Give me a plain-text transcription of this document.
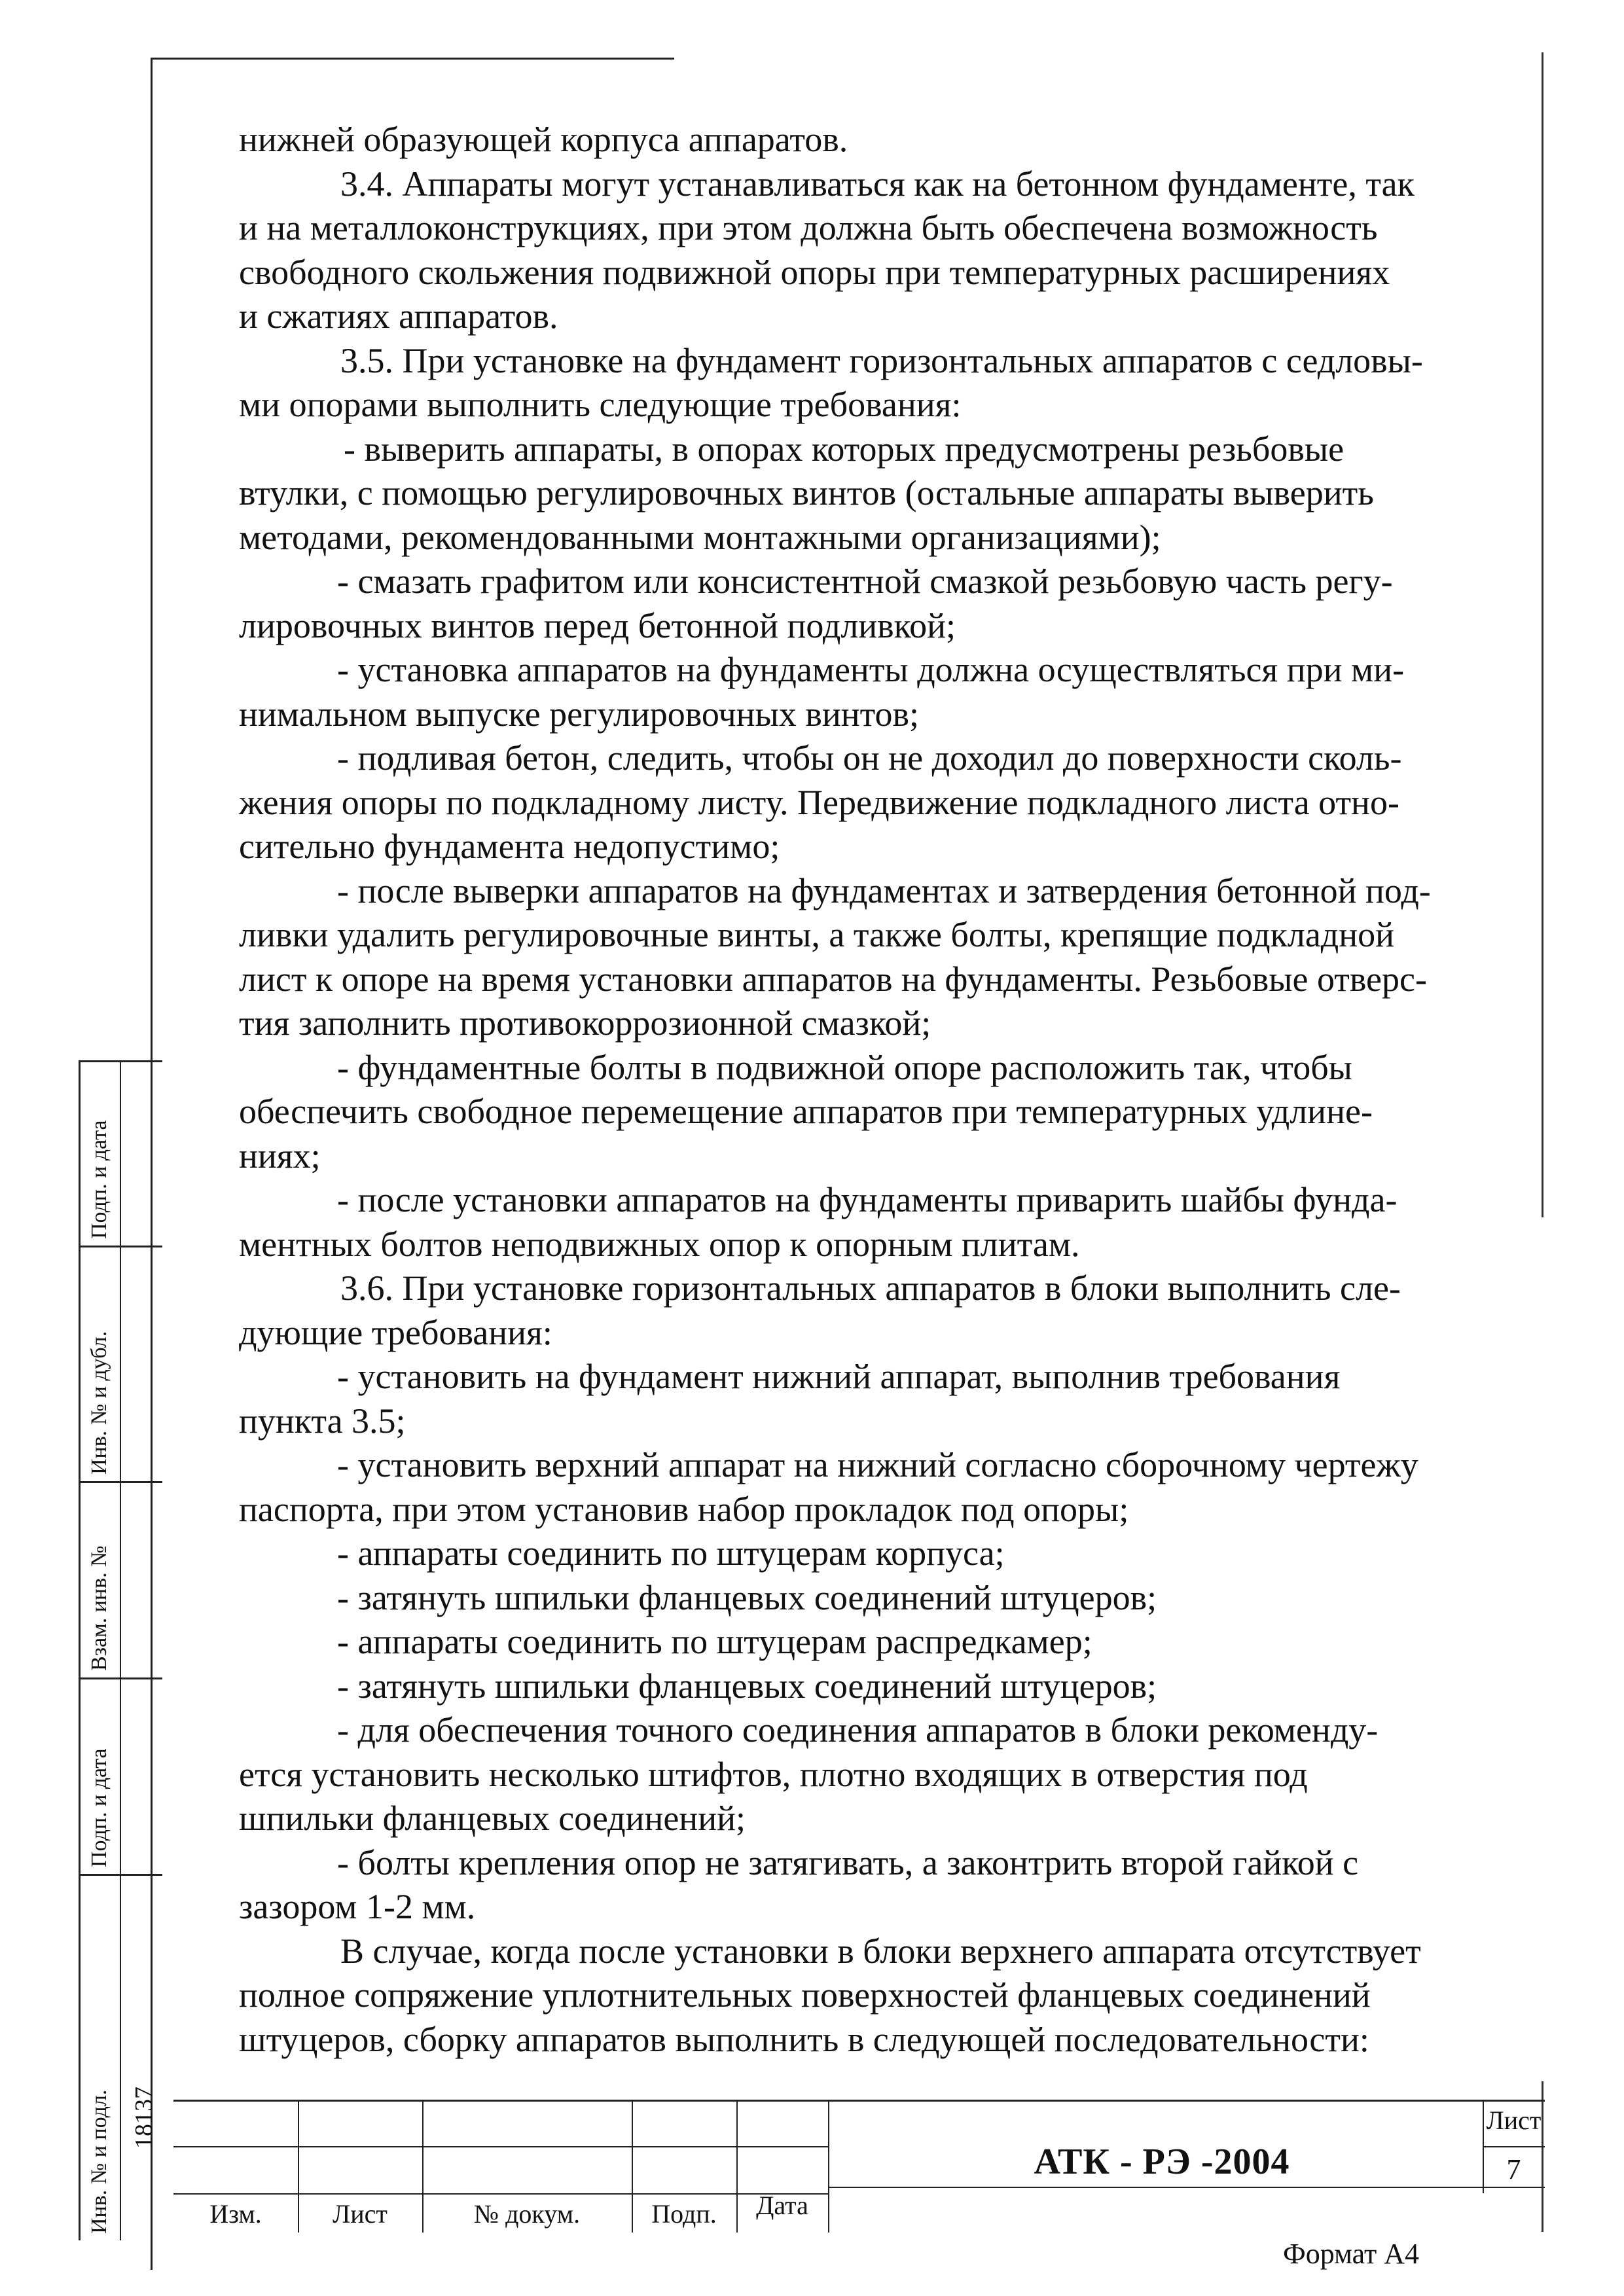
нижней образующей корпуса аппаратов.
3.4. Аппараты могут устанавливаться как на бетонном фундаменте, так
и на металлоконструкциях, при этом должна быть обеспечена возможность
свободного скольжения подвижной опоры при температурных расширениях
и сжатиях аппаратов.
3.5. При установке на фундамент горизонтальных аппаратов с седловы-
ми опорами выполнить следующие требования:
- выверить аппараты, в опорах которых предусмотрены резьбовые
втулки, с помощью регулировочных винтов (остальные аппараты выверить
методами, рекомендованными монтажными организациями);
- смазать графитом или консистентной смазкой резьбовую часть регу-
лировочных винтов перед бетонной подливкой;
- установка аппаратов на фундаменты должна осуществляться при ми-
нимальном выпуске регулировочных винтов;
- подливая бетон, следить, чтобы он не доходил до поверхности сколь-
жения опоры по подкладному листу. Передвижение подкладного листа отно-
сительно фундамента недопустимо;
- после выверки аппаратов на фундаментах и затвердения бетонной под-
ливки удалить регулировочные винты, а также болты, крепящие подкладной
лист к опоре на время установки аппаратов на фундаменты. Резьбовые отверс-
тия заполнить противокоррозионной смазкой;
- фундаментные болты в подвижной опоре расположить так, чтобы
обеспечить свободное перемещение аппаратов при температурных удлине-
ниях;
- после установки аппаратов на фундаменты приварить шайбы фунда-
ментных болтов неподвижных опор к опорным плитам.
3.6. При установке горизонтальных аппаратов в блоки выполнить сле-
дующие требования:
- установить на фундамент нижний аппарат, выполнив требования
пункта 3.5;
- установить верхний аппарат на нижний согласно сборочному чертежу
паспорта, при этом установив набор прокладок под опоры;
- аппараты соединить по штуцерам корпуса;
- затянуть шпильки фланцевых соединений штуцеров;
- аппараты соединить по штуцерам распредкамер;
- затянуть шпильки фланцевых соединений штуцеров;
- для обеспечения точного соединения аппаратов в блоки рекоменду-
ется установить несколько штифтов, плотно входящих в отверстия под
шпильки фланцевых соединений;
- болты крепления опор не затягивать, а законтрить второй гайкой с
зазором 1-2 мм.
В случае, когда после установки в блоки верхнего аппарата отсутствует
полное сопряжение уплотнительных поверхностей фланцевых соединений
штуцеров, сборку аппаратов выполнить в следующей последовательности:
Подп. и дата
Инв. № и дубл.
Взам. инв. №
Подп. и дата
Инв. № и подл. 18137
Изм.	Лист	№ докум.	Подп.	Дата
АТК - РЭ -2004
Лист
7
Формат А4
